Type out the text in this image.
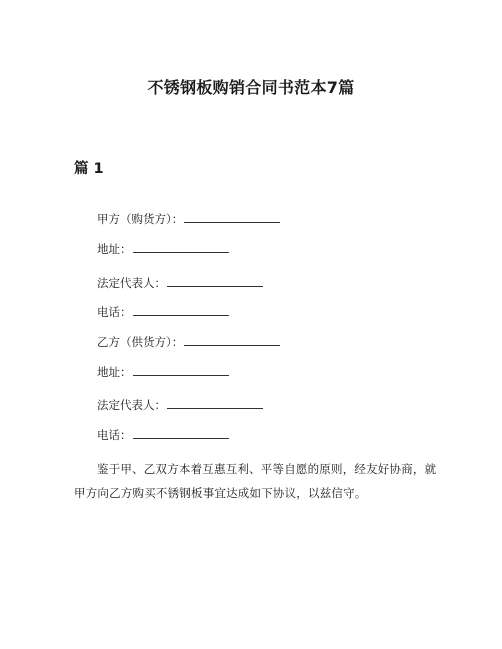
不锈钢板购销合同书范本7篇
篇 1

甲方（购货方）：

地址：

法定代表人：

电话：

乙方（供货方）：

地址：

法定代表人：

电话：

鉴于甲、乙双方本着互惠互利、平等自愿的原则，经友好协商，就甲方向乙方购买不锈钢板事宜达成如下协议，以兹信守。
